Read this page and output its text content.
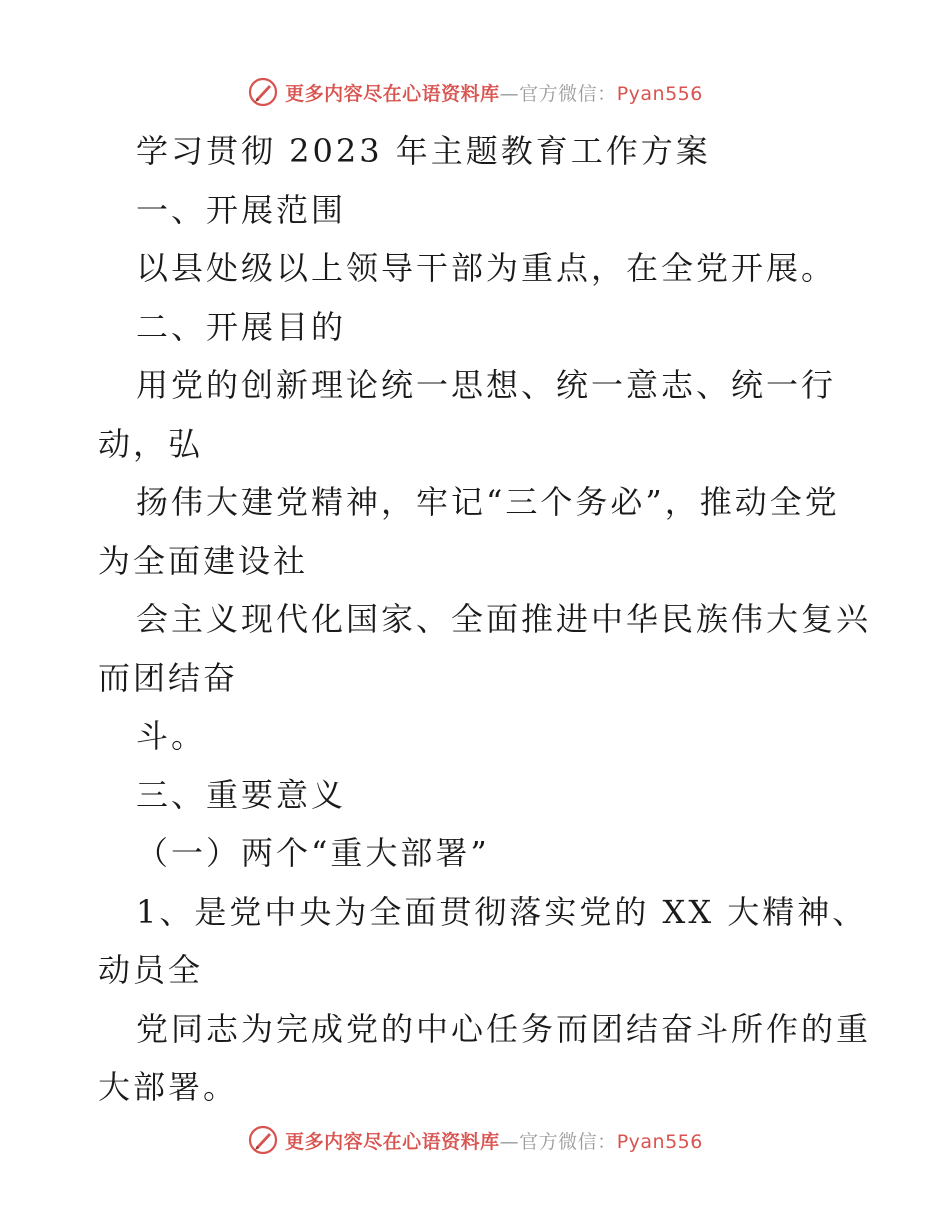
更多内容尽在心语资料库—官方微信：Pyan556
学习贯彻 2023 年主题教育工作方案
一、开展范围
以县处级以上领导干部为重点，在全党开展。
二、开展目的
用党的创新理论统一思想、统一意志、统一行
动，弘
扬伟大建党精神，牢记“三个务必”，推动全党
为全面建设社
会主义现代化国家、全面推进中华民族伟大复兴
而团结奋
斗。
三、重要意义
（一）两个“重大部署”
1、是党中央为全面贯彻落实党的 XX 大精神、
动员全
党同志为完成党的中心任务而团结奋斗所作的重
大部署。
更多内容尽在心语资料库—官方微信：Pyan556
